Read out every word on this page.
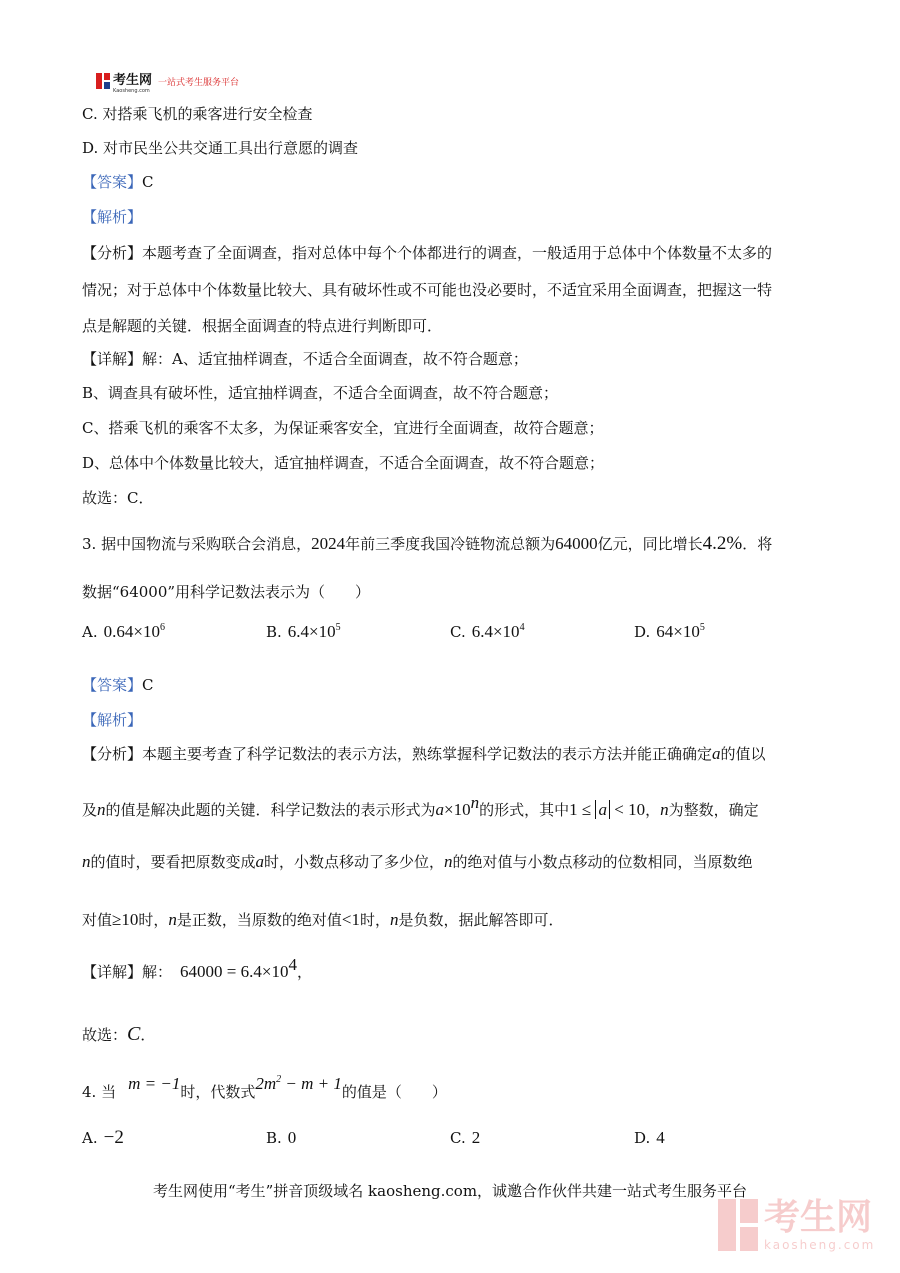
考生网
Kaosheng.com
一站式考生服务平台
C. 对搭乘飞机的乘客进行安全检查
D. 对市民坐公共交通工具出行意愿的调查
【答案】C
【解析】
【分析】本题考查了全面调查，指对总体中每个个体都进行的调查，一般适用于总体中个体数量不太多的
情况；对于总体中个体数量比较大、具有破坏性或不可能也没必要时，不适宜采用全面调查，把握这一特
点是解题的关键．根据全面调查的特点进行判断即可．
【详解】解：A、适宜抽样调查，不适合全面调查，故不符合题意；
B、调查具有破坏性，适宜抽样调查，不适合全面调查，故不符合题意；
C、搭乘飞机的乘客不太多，为保证乘客安全，宜进行全面调查，故符合题意；
D、总体中个体数量比较大，适宜抽样调查，不适合全面调查，故不符合题意；
故选：C．
3. 据中国物流与采购联合会消息，2024年前三季度我国冷链物流总额为64000亿元，同比增长4.2%．将
数据“64000”用科学记数法表示为（　　）
A. $0.64\times 10^6$	B. $6.4\times 10^5$	C. $6.4\times 10^4$	D. $64\times 10^5$
【答案】C
【解析】
【分析】本题主要考查了科学记数法的表示方法，熟练掌握科学记数法的表示方法并能正确确定a的值以
及n的值是解决此题的关键．科学记数法的表示形式为$a\times 10^n$的形式，其中1 ≤ a < 10，n为整数，确定
n的值时，要看把原数变成a时，小数点移动了多少位，n的绝对值与小数点移动的位数相同，当原数绝
对值≥10时，n是正数，当原数的绝对值<1时，n是负数，据此解答即可．
【详解】解： $64000 = 6.4\times 10^4$，
故选：C．
4. 当 m = −1时，代数式$2m^2 - m + 1$的值是（　　）
A. −2	B. 0	C. 2	D. 4
考生网使用“考生”拼音顶级域名 kaosheng.com，诚邀合作伙伴共建一站式考生服务平台
考生网
kaosheng.com
